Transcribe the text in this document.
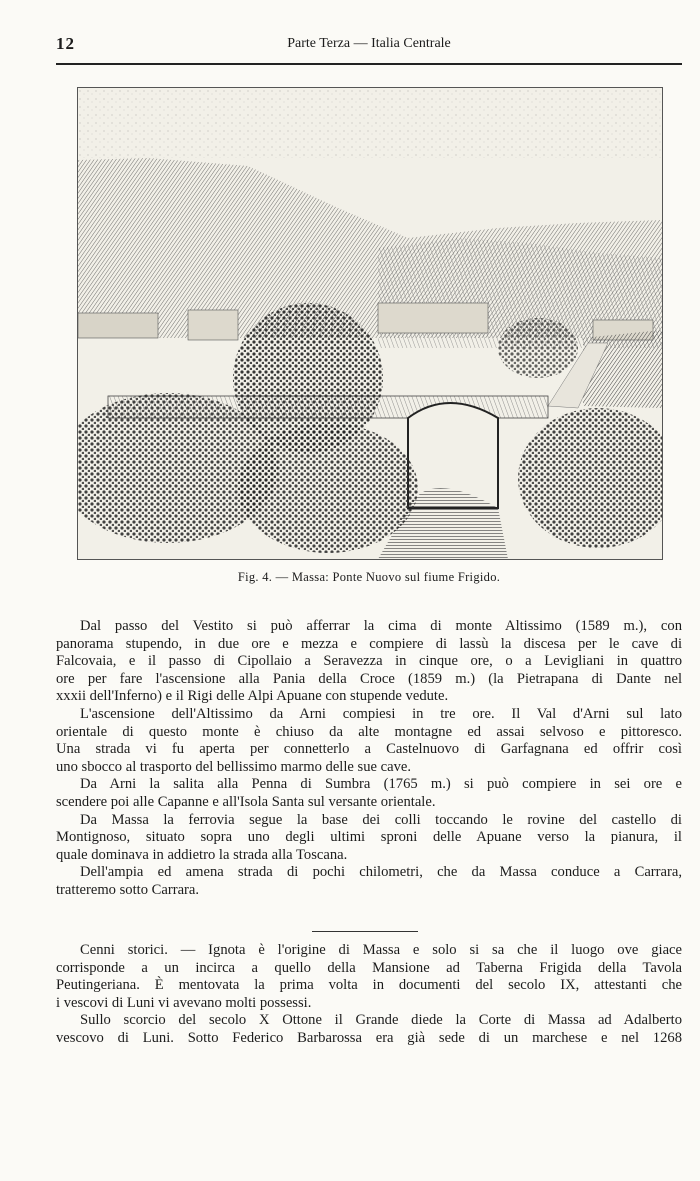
12	Parte Terza — Italia Centrale
Fig. 4. — Massa: Ponte Nuovo sul fiume Frigido.
Dal passo del Vestito si può afferrar la cima di monte Altissimo (1589 m.), con
panorama stupendo, in due ore e mezza e compiere di lassù la discesa per le cave di
Falcovaia, e il passo di Cipollaio a Seravezza in cinque ore, o a Levigliani in quattro
ore per fare l'ascensione alla Pania della Croce (1859 m.) (la Pietrapana di Dante nel
xxxii dell'Inferno) e il Rigi delle Alpi Apuane con stupende vedute.
L'ascensione dell'Altissimo da Arni compiesi in tre ore. Il Val d'Arni sul lato
orientale di questo monte è chiuso da alte montagne ed assai selvoso e pittoresco.
Una strada vi fu aperta per connetterlo a Castelnuovo di Garfagnana ed offrir così
uno sbocco al trasporto del bellissimo marmo delle sue cave.
Da Arni la salita alla Penna di Sumbra (1765 m.) si può compiere in sei ore e
scendere poi alle Capanne e all'Isola Santa sul versante orientale.
Da Massa la ferrovia segue la base dei colli toccando le rovine del castello di
Montignoso, situato sopra uno degli ultimi sproni delle Apuane verso la pianura, il
quale dominava in addietro la strada alla Toscana.
Dell'ampia ed amena strada di pochi chilometri, che da Massa conduce a Carrara,
tratteremo sotto Carrara.
Cenni storici. — Ignota è l'origine di Massa e solo si sa che il luogo ove giace
corrisponde a un incirca a quello della Mansione ad Taberna Frigida della Tavola
Peutingeriana. È mentovata la prima volta in documenti del secolo IX, attestanti che
i vescovi di Luni vi avevano molti possessi.
Sullo scorcio del secolo X Ottone il Grande diede la Corte di Massa ad Adalberto
vescovo di Luni. Sotto Federico Barbarossa era già sede di un marchese e nel 1268
